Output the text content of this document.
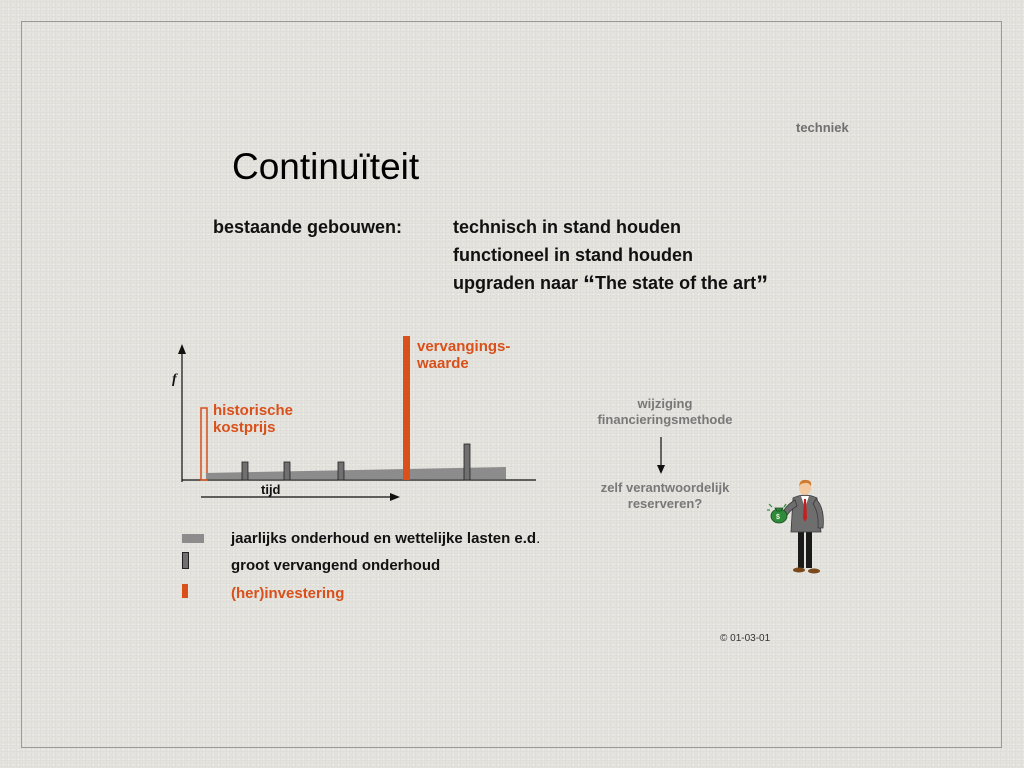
techniek
Continuïteit
bestaande gebouwen:	technisch in stand houden
functioneel in stand houden
upgraden naar “The state of the art”
f
tijd
vervangings-
waarde
historische
kostprijs
wijziging
financieringsmethode
zelf verantwoordelijk
reserveren?
$
jaarlijks onderhoud en wettelijke lasten e.d.
groot vervangend onderhoud
(her)investering
© 01-03-01
